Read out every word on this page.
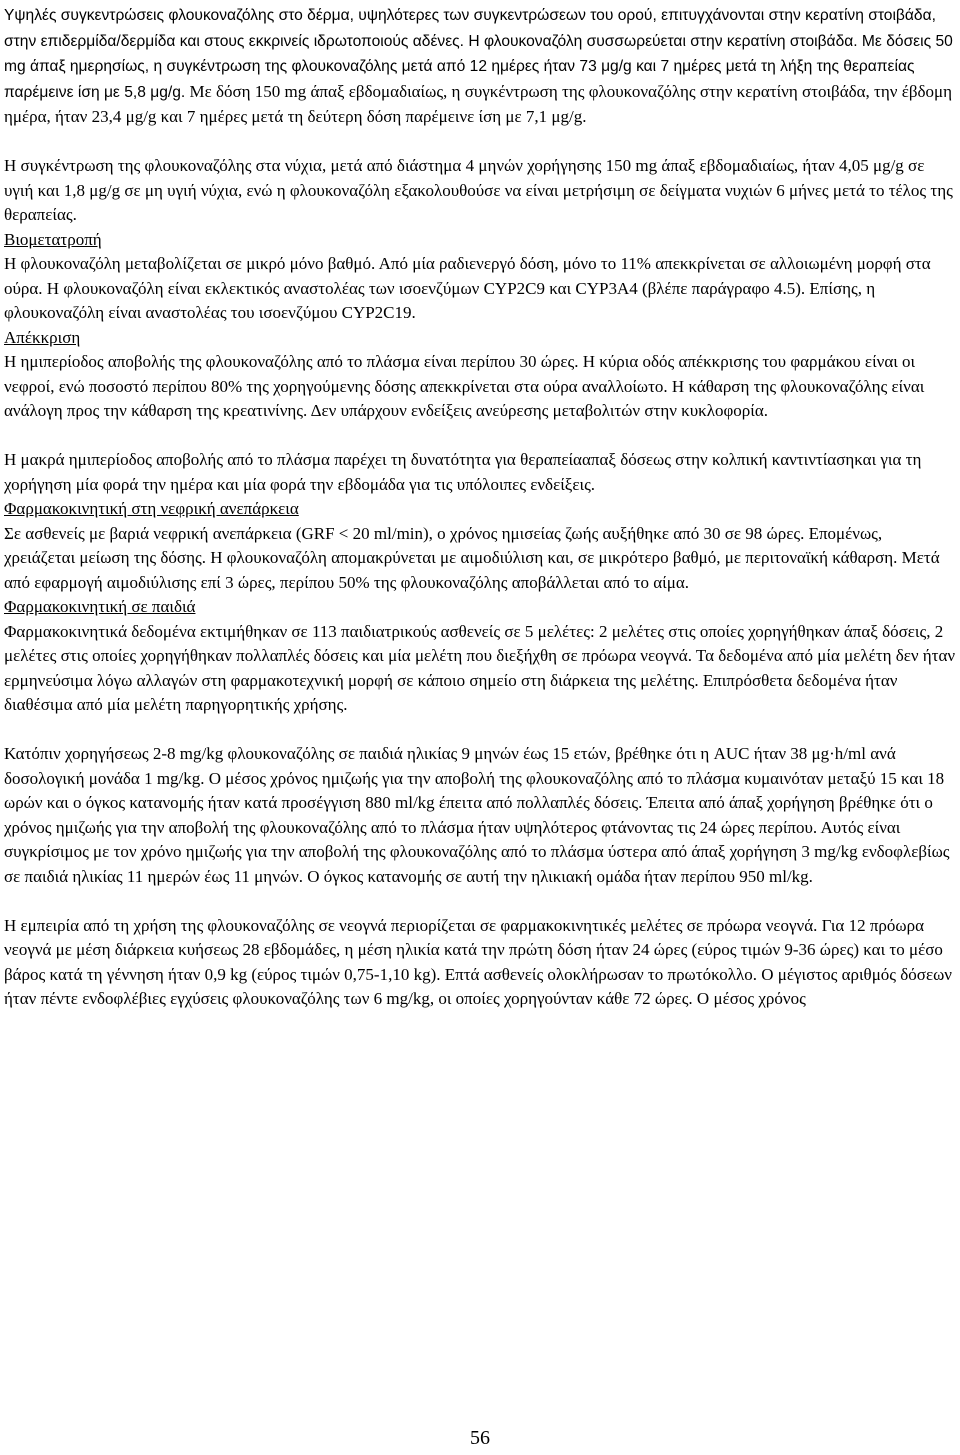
Υψηλές συγκεντρώσεις φλουκοναζόλης στο δέρμα, υψηλότερες των συγκεντρώσεων του ορού, επιτυγχάνονται στην κερατίνη στοιβάδα, στην επιδερμίδα/δερμίδα και στους εκκρινείς ιδρωτοποιούς αδένες. Η φλουκοναζόλη συσσωρεύεται στην κερατίνη στοιβάδα. Με δόσεις 50 mg άπαξ ημερησίως, η συγκέντρωση της φλουκοναζόλης μετά από 12 ημέρες ήταν 73 μg/g και 7 ημέρες μετά τη λήξη της θεραπείας παρέμεινε ίση με 5,8 μg/g. Με δόση 150 mg άπαξ εβδομαδιαίως, η συγκέντρωση της φλουκοναζόλης στην κερατίνη στοιβάδα, την έβδομη ημέρα, ήταν 23,4 μg/g και 7 ημέρες μετά τη δεύτερη δόση παρέμεινε ίση με 7,1 μg/g.

Η συγκέντρωση της φλουκοναζόλης στα νύχια, μετά από διάστημα 4 μηνών χορήγησης 150 mg άπαξ εβδομαδιαίως, ήταν 4,05 μg/g σε υγιή και 1,8 μg/g σε μη υγιή νύχια, ενώ η φλουκοναζόλη εξακολουθούσε να είναι μετρήσιμη σε δείγματα νυχιών 6 μήνες μετά το τέλος της θεραπείας.

Βιομετατροπή

Η φλουκοναζόλη μεταβολίζεται σε μικρό μόνο βαθμό. Από μία ραδιενεργό δόση, μόνο το 11% απεκκρίνεται σε αλλοιωμένη μορφή στα ούρα. Η φλουκοναζόλη είναι εκλεκτικός αναστολέας των ισοενζύμων CYP2C9 και CYP3A4 (βλέπε παράγραφο 4.5). Επίσης, η φλουκοναζόλη είναι αναστολέας του ισοενζύμου CYP2C19.

Απέκκριση

Η ημιπερίοδος αποβολής της φλουκοναζόλης από το πλάσμα είναι περίπου 30 ώρες. Η κύρια οδός απέκκρισης του φαρμάκου είναι οι νεφροί, ενώ ποσοστό περίπου 80% της χορηγούμενης δόσης απεκκρίνεται στα ούρα αναλλοίωτο. Η κάθαρση της φλουκοναζόλης είναι ανάλογη προς την κάθαρση της κρεατινίνης. Δεν υπάρχουν ενδείξεις ανεύρεσης μεταβολιτών στην κυκλοφορία.

Η μακρά ημιπερίοδος αποβολής από το πλάσμα παρέχει τη δυνατότητα για θεραπείααπαξ δόσεως στην κολπική καντιντίασηκαι για τη χορήγηση μία φορά την ημέρα και μία φορά την εβδομάδα για τις υπόλοιπες ενδείξεις.

Φαρμακοκινητική στη νεφρική ανεπάρκεια

Σε ασθενείς με βαριά νεφρική ανεπάρκεια (GRF < 20 ml/min), ο χρόνος ημισείας ζωής αυξήθηκε από 30 σε 98 ώρες. Επομένως, χρειάζεται μείωση της δόσης. Η φλουκοναζόλη απομακρύνεται με αιμοδιύλιση και, σε μικρότερο βαθμό, με περιτοναϊκή κάθαρση. Μετά από εφαρμογή αιμοδιύλισης επί 3 ώρες, περίπου 50% της φλουκοναζόλης αποβάλλεται από το αίμα.

Φαρμακοκινητική σε παιδιά

Φαρμακοκινητικά δεδομένα εκτιμήθηκαν σε 113 παιδιατρικούς ασθενείς σε 5 μελέτες: 2 μελέτες στις οποίες χορηγήθηκαν άπαξ δόσεις, 2 μελέτες στις οποίες χορηγήθηκαν πολλαπλές δόσεις και μία μελέτη που διεξήχθη σε πρόωρα νεογνά. Τα δεδομένα από μία μελέτη δεν ήταν ερμηνεύσιμα λόγω αλλαγών στη φαρμακοτεχνική μορφή σε κάποιο σημείο στη διάρκεια της μελέτης. Επιπρόσθετα δεδομένα ήταν διαθέσιμα από μία μελέτη παρηγορητικής χρήσης.

Κατόπιν χορηγήσεως 2-8 mg/kg φλουκοναζόλης σε παιδιά ηλικίας 9 μηνών έως 15 ετών, βρέθηκε ότι η AUC ήταν 38 μg·h/ml ανά δοσολογική μονάδα 1 mg/kg. Ο μέσος χρόνος ημιζωής για την αποβολή της φλουκοναζόλης από το πλάσμα κυμαινόταν μεταξύ 15 και 18 ωρών και ο όγκος κατανομής ήταν κατά προσέγγιση 880 ml/kg έπειτα από πολλαπλές δόσεις. Έπειτα από άπαξ χορήγηση βρέθηκε ότι ο χρόνος ημιζωής για την αποβολή της φλουκοναζόλης από το πλάσμα ήταν υψηλότερος φτάνοντας τις 24 ώρες περίπου. Αυτός είναι συγκρίσιμος με τον χρόνο ημιζωής για την αποβολή της φλουκοναζόλης από το πλάσμα ύστερα από άπαξ χορήγηση 3 mg/kg ενδοφλεβίως σε παιδιά ηλικίας 11 ημερών έως 11 μηνών. Ο όγκος κατανομής σε αυτή την ηλικιακή ομάδα ήταν περίπου 950 ml/kg.

Η εμπειρία από τη χρήση της φλουκοναζόλης σε νεογνά περιορίζεται σε φαρμακοκινητικές μελέτες σε πρόωρα νεογνά. Για 12 πρόωρα νεογνά με μέση διάρκεια κυήσεως 28 εβδομάδες, η μέση ηλικία κατά την πρώτη δόση ήταν 24 ώρες (εύρος τιμών 9-36 ώρες) και το μέσο βάρος κατά τη γέννηση ήταν 0,9 kg (εύρος τιμών 0,75-1,10 kg). Επτά ασθενείς ολοκλήρωσαν το πρωτόκολλο. Ο μέγιστος αριθμός δόσεων ήταν πέντε ενδοφλέβιες εγχύσεις φλουκοναζόλης των 6 mg/kg, οι οποίες χορηγούνταν κάθε 72 ώρες. Ο μέσος χρόνος

56
